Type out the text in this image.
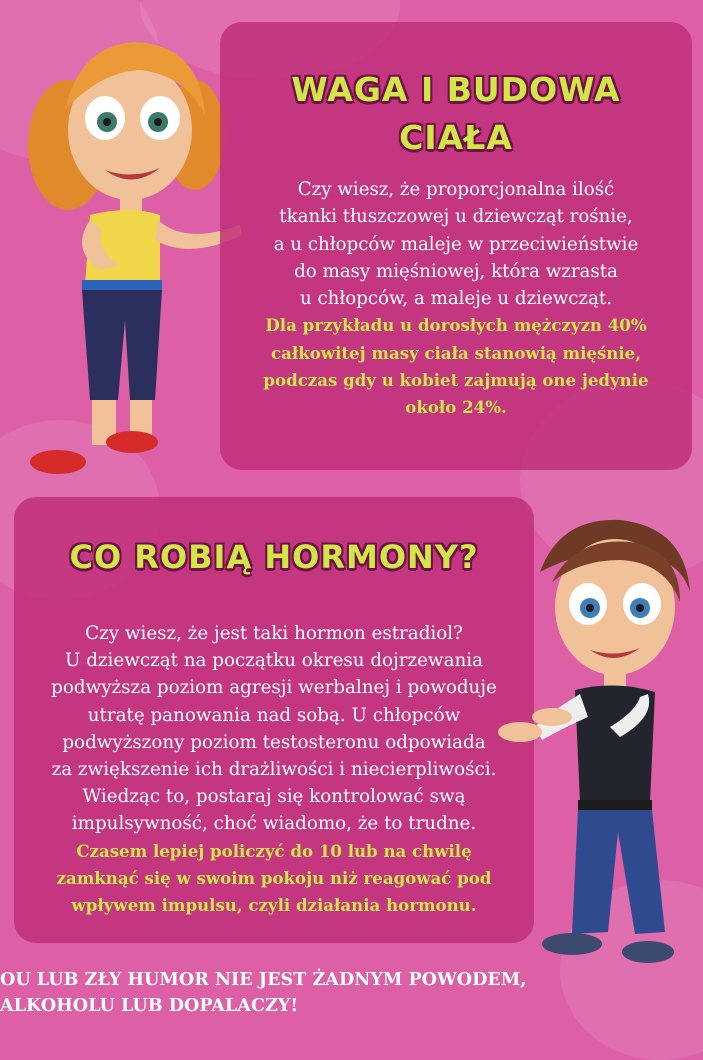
WAGA I BUDOWA
CIAŁA

Czy wiesz, że proporcjonalna ilość
tkanki tłuszczowej u dziewcząt rośnie,
a u chłopców maleje w przeciwieństwie
do masy mięśniowej, która wzrasta
u chłopców, a maleje u dziewcząt.
Dla przykładu u dorosłych mężczyzn 40%
całkowitej masy ciała stanowią mięśnie,
podczas gdy u kobiet zajmują one jedynie
około 24%.

CO ROBIĄ HORMONY?

Czy wiesz, że jest taki hormon estradiol?
U dziewcząt na początku okresu dojrzewania
podwyższa poziom agresji werbalnej i powoduje
utratę panowania nad sobą. U chłopców
podwyższony poziom testosteronu odpowiada
za zwiększenie ich drażliwości i niecierpliwości.
Wiedząc to, postaraj się kontrolować swą
impulsywność, choć wiadomo, że to trudne.
Czasem lepiej policzyć do 10 lub na chwilę
zamknąć się w swoim pokoju niż reagować pod
wpływem impulsu, czyli działania hormonu.

OU LUB ZŁY HUMOR NIE JEST ŻADNYM POWODEM,
ALKOHOLU LUB DOPALACZY!
